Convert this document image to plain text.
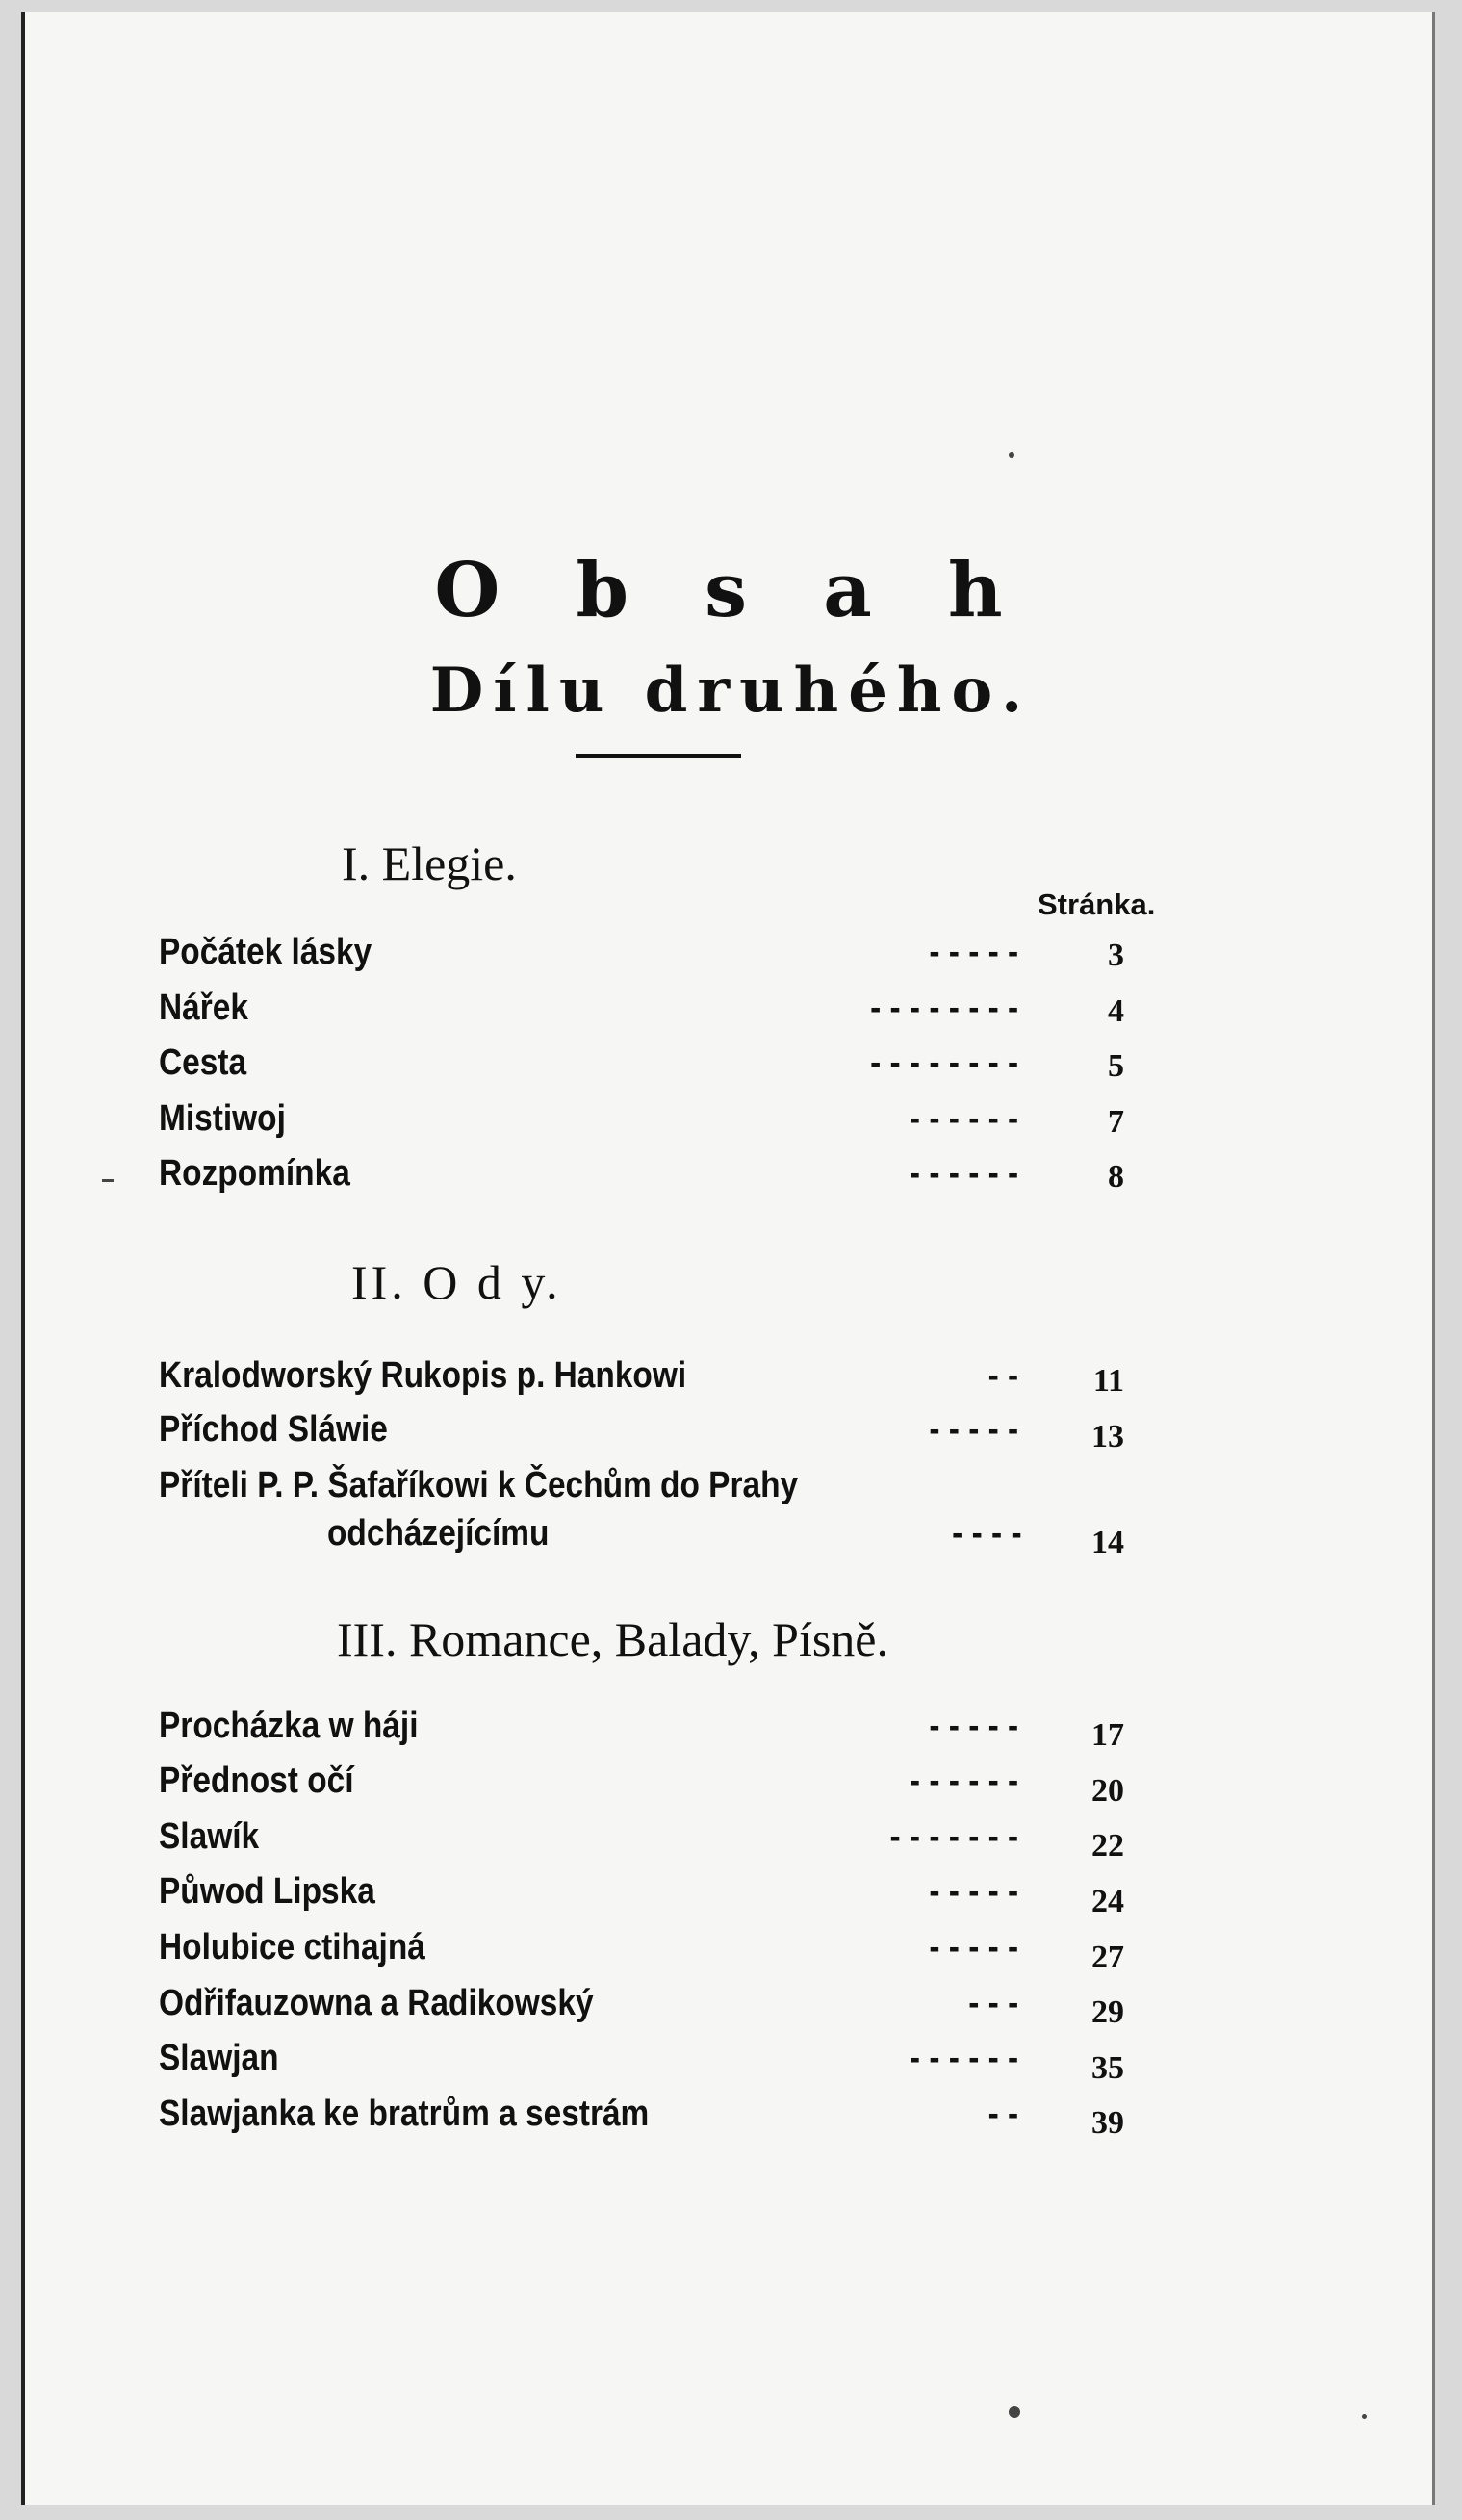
O b s a h
Dílu druhého.
I. Elegie.
Stránka.
Počátek lásky	- - - - -	3
Nářek	- - - - - - - -	4
Cesta	- - - - - - - -	5
Mistiwoj	- - - - - -	7
Rozpomínka	- - - - - -	8
II. O d y.
Kralodworský Rukopis p. Hankowi	- -	11
Příchod Sláwie	- - - - -	13
Příteli P. P. Šafaříkowi k Čechům do Prahy
odcházejícímu	- - - -	14
III. Romance, Balady, Písně.
Procházka w háji	- - - - -	17
Přednost očí	- - - - - -	20
Slawík	- - - - - - -	22
Půwod Lipska	- - - - -	24
Holubice ctihajná	- - - - -	27
Odřifauzowna a Radikowský	- - -	29
Slawjan	- - - - - -	35
Slawjanka ke bratrům a sestrám	- -	39
